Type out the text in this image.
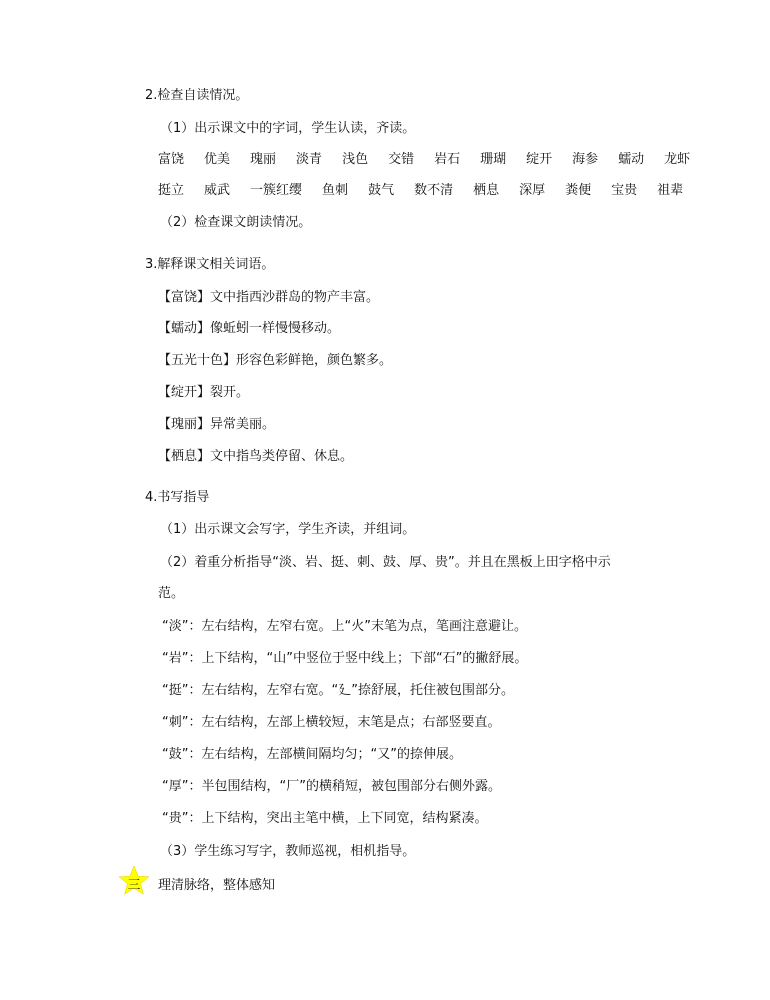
2.检查自读情况。
（1）出示课文中的字词，学生认读，齐读。
富饶 优美 瑰丽 淡青 浅色 交错 岩石 珊瑚 绽开 海参 蠕动 龙虾
挺立 威武 一簇红缨 鱼刺 鼓气 数不清 栖息 深厚 粪便 宝贵 祖辈
（2）检查课文朗读情况。
3.解释课文相关词语。
【富饶】文中指西沙群岛的物产丰富。
【蠕动】像蚯蚓一样慢慢移动。
【五光十色】形容色彩鲜艳，颜色繁多。
【绽开】裂开。
【瑰丽】异常美丽。
【栖息】文中指鸟类停留、休息。
4.书写指导
（1）出示课文会写字，学生齐读，并组词。
（2）着重分析指导“淡、岩、挺、刺、鼓、厚、贵”。并且在黑板上田字格中示
范。
“淡”：左右结构，左窄右宽。上“火”末笔为点，笔画注意避让。
“岩”：上下结构，“山”中竖位于竖中线上；下部“石”的撇舒展。
“挺”：左右结构，左窄右宽。“廴”捺舒展，托住被包围部分。
“刺”：左右结构，左部上横较短，末笔是点；右部竖要直。
“鼓”：左右结构，左部横间隔均匀；“又”的捺伸展。
“厚”：半包围结构，“厂”的横稍短，被包围部分右侧外露。
“贵”：上下结构，突出主笔中横，上下同宽，结构紧凑。
（3）学生练习写字，教师巡视，相机指导。
三 理清脉络，整体感知
